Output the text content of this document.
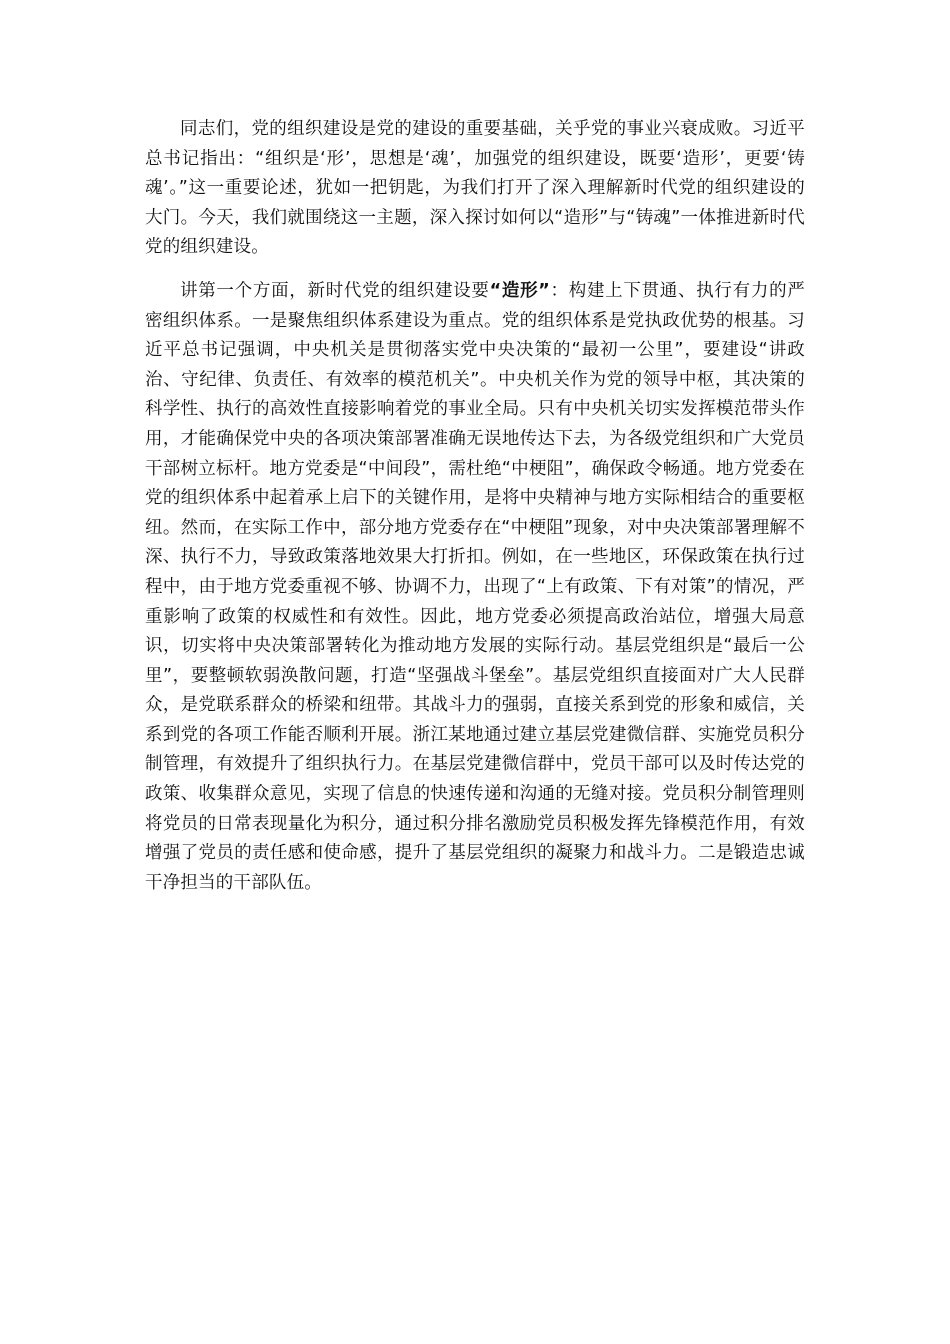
同志们，党的组织建设是党的建设的重要基础，关乎党的事业兴衰成败。习近平总书记指出：“组织是‘形’，思想是‘魂’，加强党的组织建设，既要‘造形’，更要‘铸魂’。”这一重要论述，犹如一把钥匙，为我们打开了深入理解新时代党的组织建设的大门。今天，我们就围绕这一主题，深入探讨如何以“造形”与“铸魂”一体推进新时代党的组织建设。

讲第一个方面，新时代党的组织建设要“造形”：构建上下贯通、执行有力的严密组织体系。一是聚焦组织体系建设为重点。党的组织体系是党执政优势的根基。习近平总书记强调，中央机关是贯彻落实党中央决策的“最初一公里”，要建设“讲政治、守纪律、负责任、有效率的模范机关”。中央机关作为党的领导中枢，其决策的科学性、执行的高效性直接影响着党的事业全局。只有中央机关切实发挥模范带头作用，才能确保党中央的各项决策部署准确无误地传达下去，为各级党组织和广大党员干部树立标杆。地方党委是“中间段”，需杜绝“中梗阻”，确保政令畅通。地方党委在党的组织体系中起着承上启下的关键作用，是将中央精神与地方实际相结合的重要枢纽。然而，在实际工作中，部分地方党委存在“中梗阻”现象，对中央决策部署理解不深、执行不力，导致政策落地效果大打折扣。例如，在一些地区，环保政策在执行过程中，由于地方党委重视不够、协调不力，出现了“上有政策、下有对策”的情况，严重影响了政策的权威性和有效性。因此，地方党委必须提高政治站位，增强大局意识，切实将中央决策部署转化为推动地方发展的实际行动。基层党组织是“最后一公里”，要整顿软弱涣散问题，打造“坚强战斗堡垒”。基层党组织直接面对广大人民群众，是党联系群众的桥梁和纽带。其战斗力的强弱，直接关系到党的形象和威信，关系到党的各项工作能否顺利开展。浙江某地通过建立基层党建微信群、实施党员积分制管理，有效提升了组织执行力。在基层党建微信群中，党员干部可以及时传达党的政策、收集群众意见，实现了信息的快速传递和沟通的无缝对接。党员积分制管理则将党员的日常表现量化为积分，通过积分排名激励党员积极发挥先锋模范作用，有效增强了党员的责任感和使命感，提升了基层党组织的凝聚力和战斗力。二是锻造忠诚干净担当的干部队伍。
